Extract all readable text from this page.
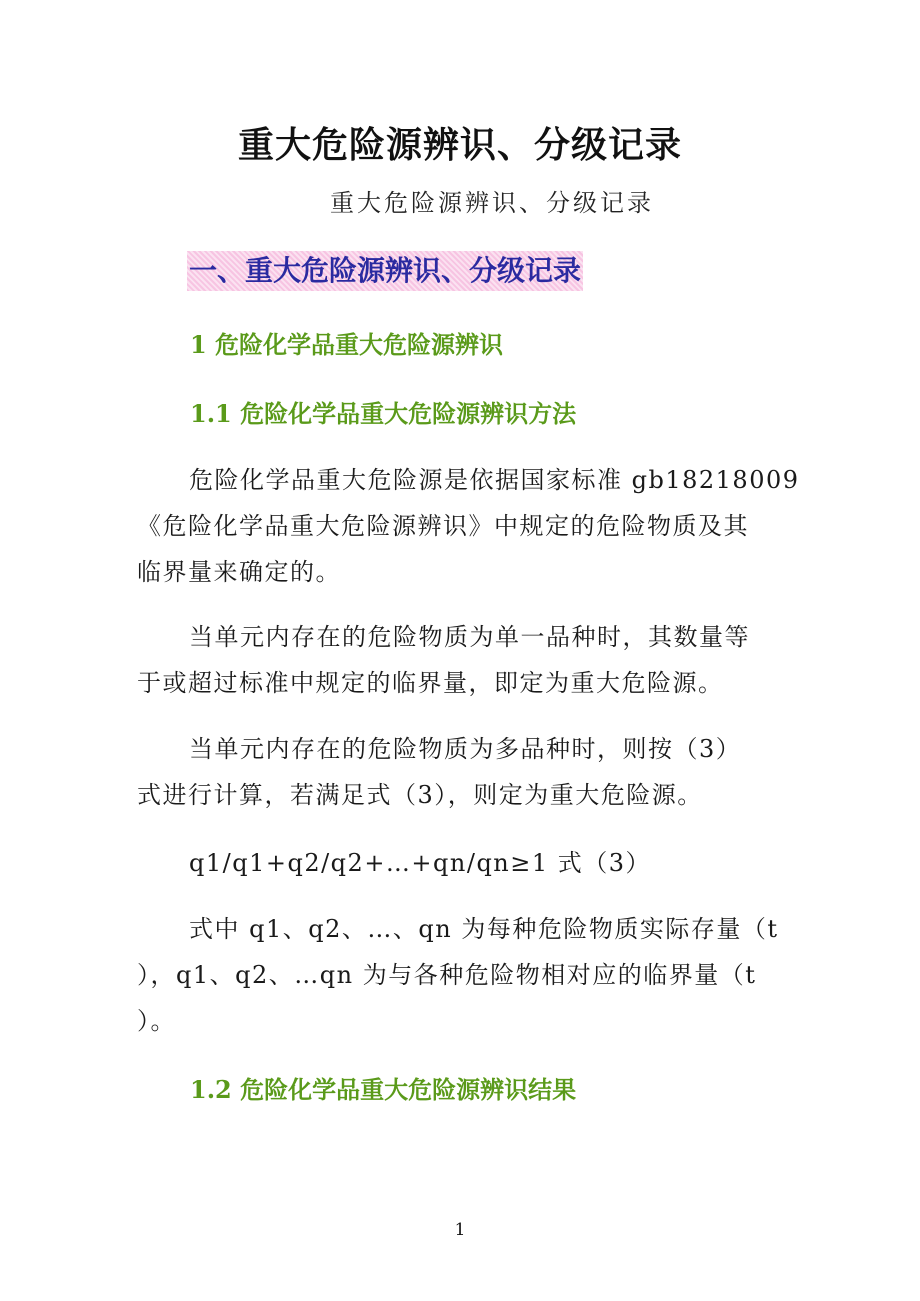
重大危险源辨识、分级记录
重大危险源辨识、分级记录
一、重大危险源辨识、分级记录
1 危险化学品重大危险源辨识
1.1 危险化学品重大危险源辨识方法
危险化学品重大危险源是依据国家标准 gb18218009
《危险化学品重大危险源辨识》中规定的危险物质及其
临界量来确定的。
当单元内存在的危险物质为单一品种时，其数量等
于或超过标准中规定的临界量，即定为重大危险源。
当单元内存在的危险物质为多品种时，则按（3）
式进行计算，若满足式（3），则定为重大危险源。
q1/q1+q2/q2+…+qn/qn≥1 式（3）
式中 q1、q2、…、qn 为每种危险物质实际存量（t
），q1、q2、…qn 为与各种危险物相对应的临界量（t
）。
1.2 危险化学品重大危险源辨识结果
1
